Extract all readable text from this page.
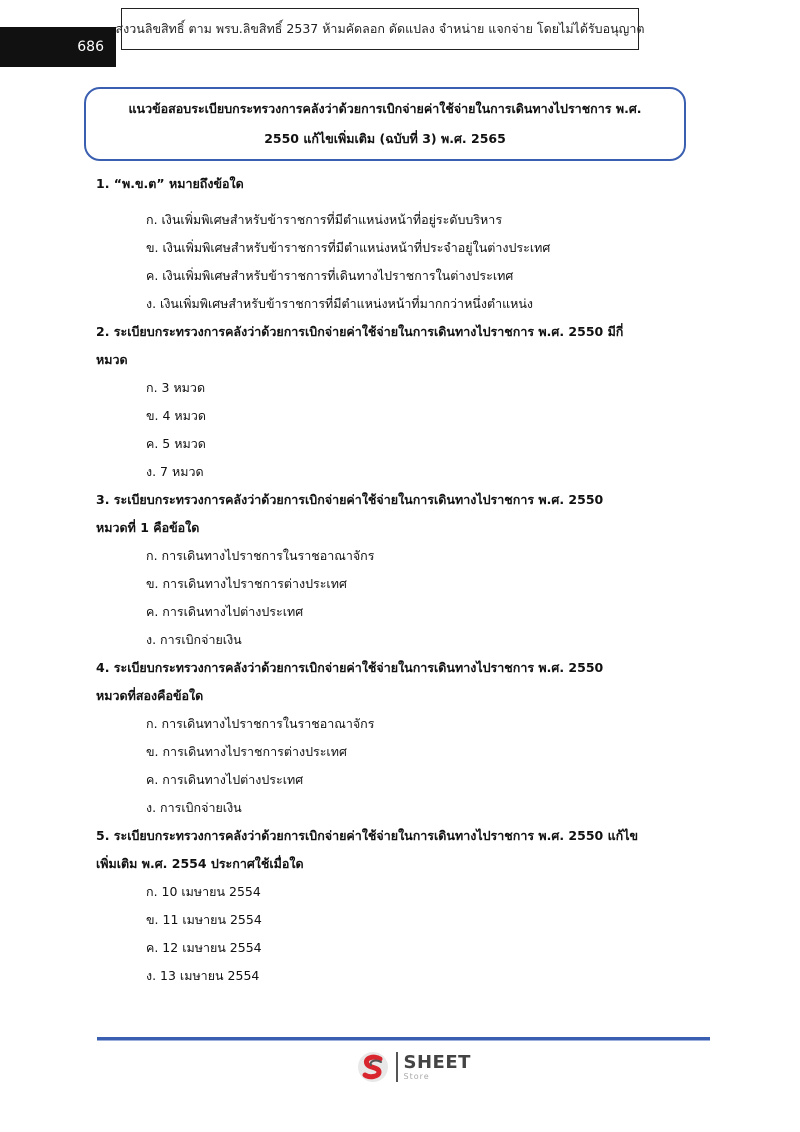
686
สงวนลิขสิทธิ์ ตาม พรบ.ลิขสิทธิ์ 2537 ห้ามคัดลอก ดัดแปลง จำหน่าย แจกจ่าย โดยไม่ได้รับอนุญาต
แนวข้อสอบระเบียบกระทรวงการคลังว่าด้วยการเบิกจ่ายค่าใช้จ่ายในการเดินทางไปราชการ พ.ศ.
2550 แก้ไขเพิ่มเติม (ฉบับที่ 3) พ.ศ. 2565
1. “พ.ข.ต” หมายถึงข้อใด
ก. เงินเพิ่มพิเศษสำหรับข้าราชการที่มีตำแหน่งหน้าที่อยู่ระดับบริหาร
ข. เงินเพิ่มพิเศษสำหรับข้าราชการที่มีตำแหน่งหน้าที่ประจำอยู่ในต่างประเทศ
ค. เงินเพิ่มพิเศษสำหรับข้าราชการที่เดินทางไปราชการในต่างประเทศ
ง. เงินเพิ่มพิเศษสำหรับข้าราชการที่มีตำแหน่งหน้าที่มากกว่าหนึ่งตำแหน่ง
2. ระเบียบกระทรวงการคลังว่าด้วยการเบิกจ่ายค่าใช้จ่ายในการเดินทางไปราชการ พ.ศ. 2550 มีกี่
หมวด
ก. 3 หมวด
ข. 4 หมวด
ค. 5 หมวด
ง. 7 หมวด
3. ระเบียบกระทรวงการคลังว่าด้วยการเบิกจ่ายค่าใช้จ่ายในการเดินทางไปราชการ พ.ศ. 2550
หมวดที่ 1 คือข้อใด
ก. การเดินทางไปราชการในราชอาณาจักร
ข. การเดินทางไปราชการต่างประเทศ
ค. การเดินทางไปต่างประเทศ
ง. การเบิกจ่ายเงิน
4. ระเบียบกระทรวงการคลังว่าด้วยการเบิกจ่ายค่าใช้จ่ายในการเดินทางไปราชการ พ.ศ. 2550
หมวดที่สองคือข้อใด
ก. การเดินทางไปราชการในราชอาณาจักร
ข. การเดินทางไปราชการต่างประเทศ
ค. การเดินทางไปต่างประเทศ
ง. การเบิกจ่ายเงิน
5. ระเบียบกระทรวงการคลังว่าด้วยการเบิกจ่ายค่าใช้จ่ายในการเดินทางไปราชการ พ.ศ. 2550 แก้ไข
เพิ่มเติม พ.ศ. 2554 ประกาศใช้เมื่อใด
ก. 10 เมษายน 2554
ข. 11 เมษายน 2554
ค. 12 เมษายน 2554
ง. 13 เมษายน 2554
SHEET
Store
